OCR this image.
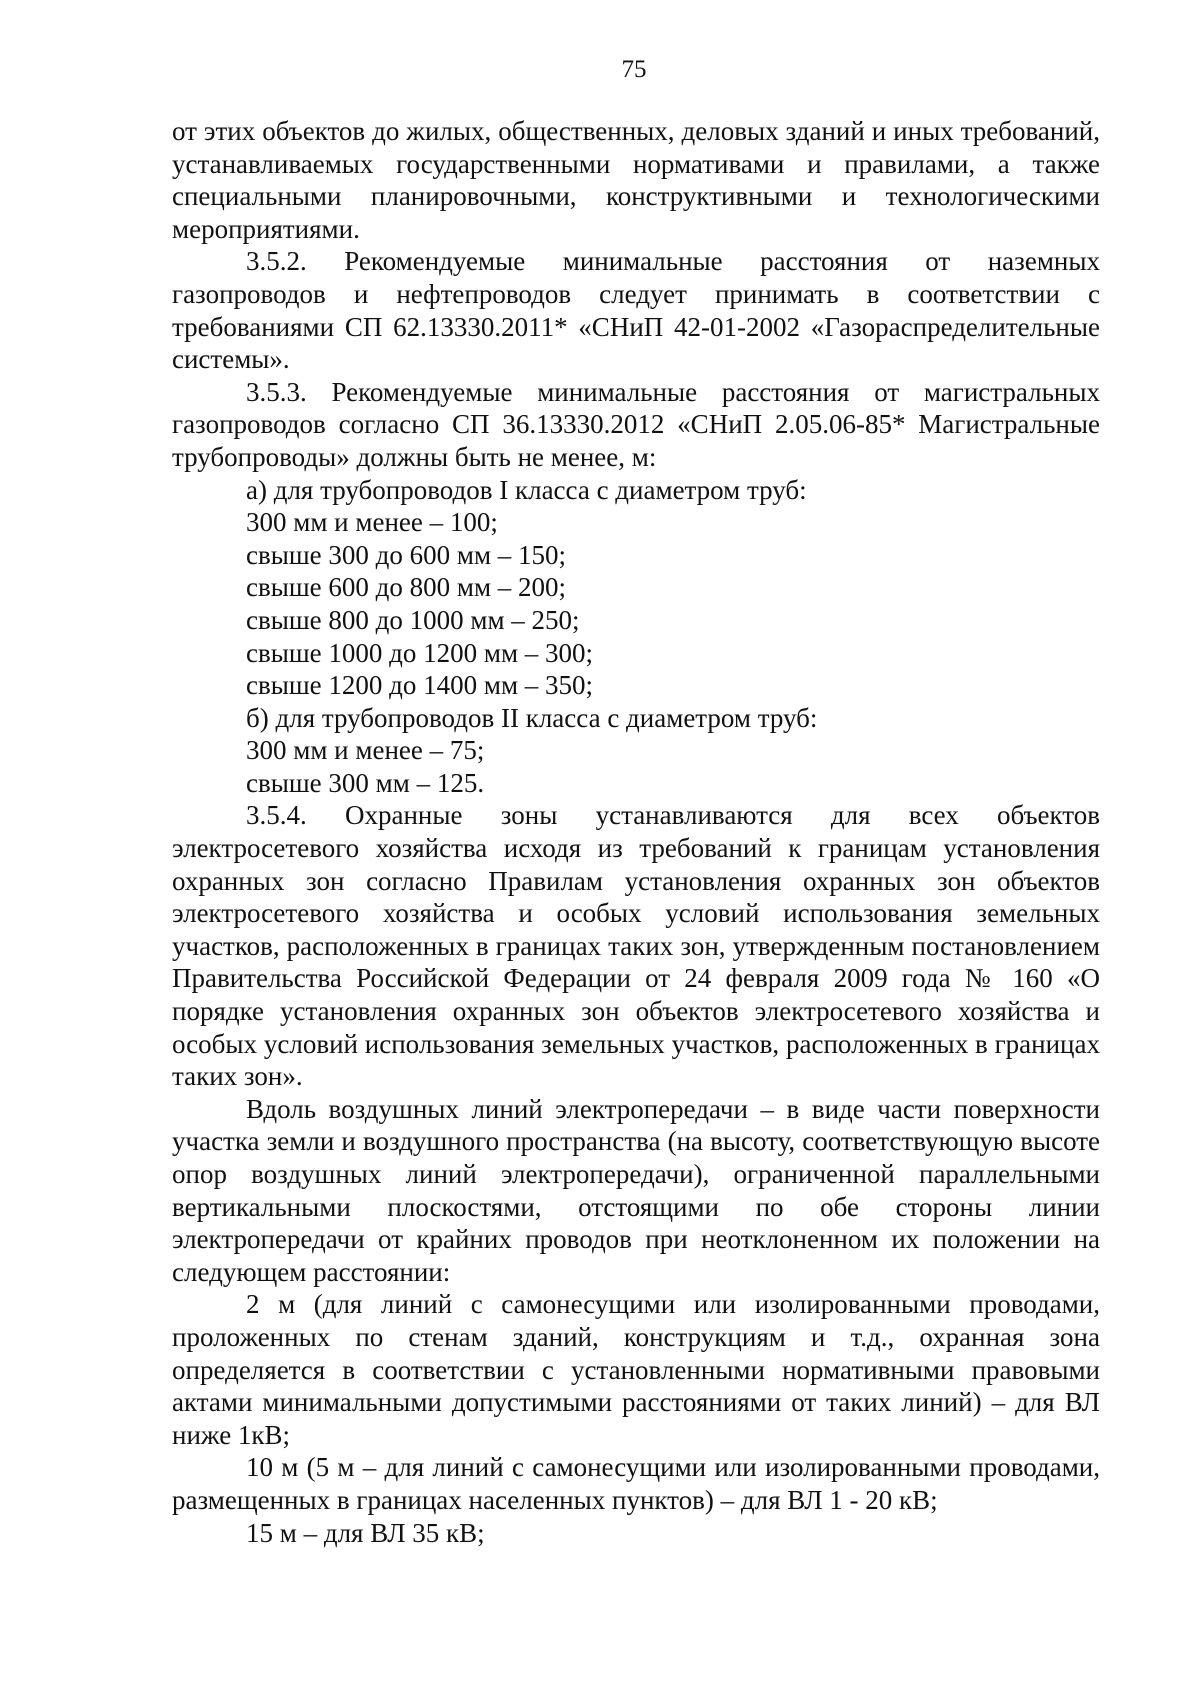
75

от этих объектов до жилых, общественных, деловых зданий и иных требований, устанавливаемых государственными нормативами и правилами, а также специальными планировочными, конструктивными и технологическими мероприятиями.

3.5.2. Рекомендуемые минимальные расстояния от наземных газопроводов и нефтепроводов следует принимать в соответствии с требованиями СП 62.13330.2011* «СНиП 42-01-2002 «Газораспределительные системы».

3.5.3. Рекомендуемые минимальные расстояния от магистральных газопроводов согласно СП 36.13330.2012 «СНиП 2.05.06-85* Магистральные трубопроводы» должны быть не менее, м:

а) для трубопроводов I класса с диаметром труб:

300 мм и менее – 100;

свыше 300 до 600 мм – 150;

свыше 600 до 800 мм – 200;

свыше 800 до 1000 мм – 250;

свыше 1000 до 1200 мм – 300;

свыше 1200 до 1400 мм – 350;

б) для трубопроводов II класса с диаметром труб:

300 мм и менее – 75;

свыше 300 мм – 125.

3.5.4. Охранные зоны устанавливаются для всех объектов электросетевого хозяйства исходя из требований к границам установления охранных зон согласно Правилам установления охранных зон объектов электросетевого хозяйства и особых условий использования земельных участков, расположенных в границах таких зон, утвержденным постановлением Правительства Российской Федерации от 24 февраля 2009 года № 160 «О порядке установления охранных зон объектов электросетевого хозяйства и особых условий использования земельных участков, расположенных в границах таких зон».

Вдоль воздушных линий электропередачи – в виде части поверхности участка земли и воздушного пространства (на высоту, соответствующую высоте опор воздушных линий электропередачи), ограниченной параллельными вертикальными плоскостями, отстоящими по обе стороны линии электропередачи от крайних проводов при неотклоненном их положении на следующем расстоянии:

2 м (для линий с самонесущими или изолированными проводами, проложенных по стенам зданий, конструкциям и т.д., охранная зона определяется в соответствии с установленными нормативными правовыми актами минимальными допустимыми расстояниями от таких линий) – для ВЛ ниже 1кВ;

10 м (5 м – для линий с самонесущими или изолированными проводами, размещенных в границах населенных пунктов) – для ВЛ 1 - 20 кВ;

15 м – для ВЛ 35 кВ;
